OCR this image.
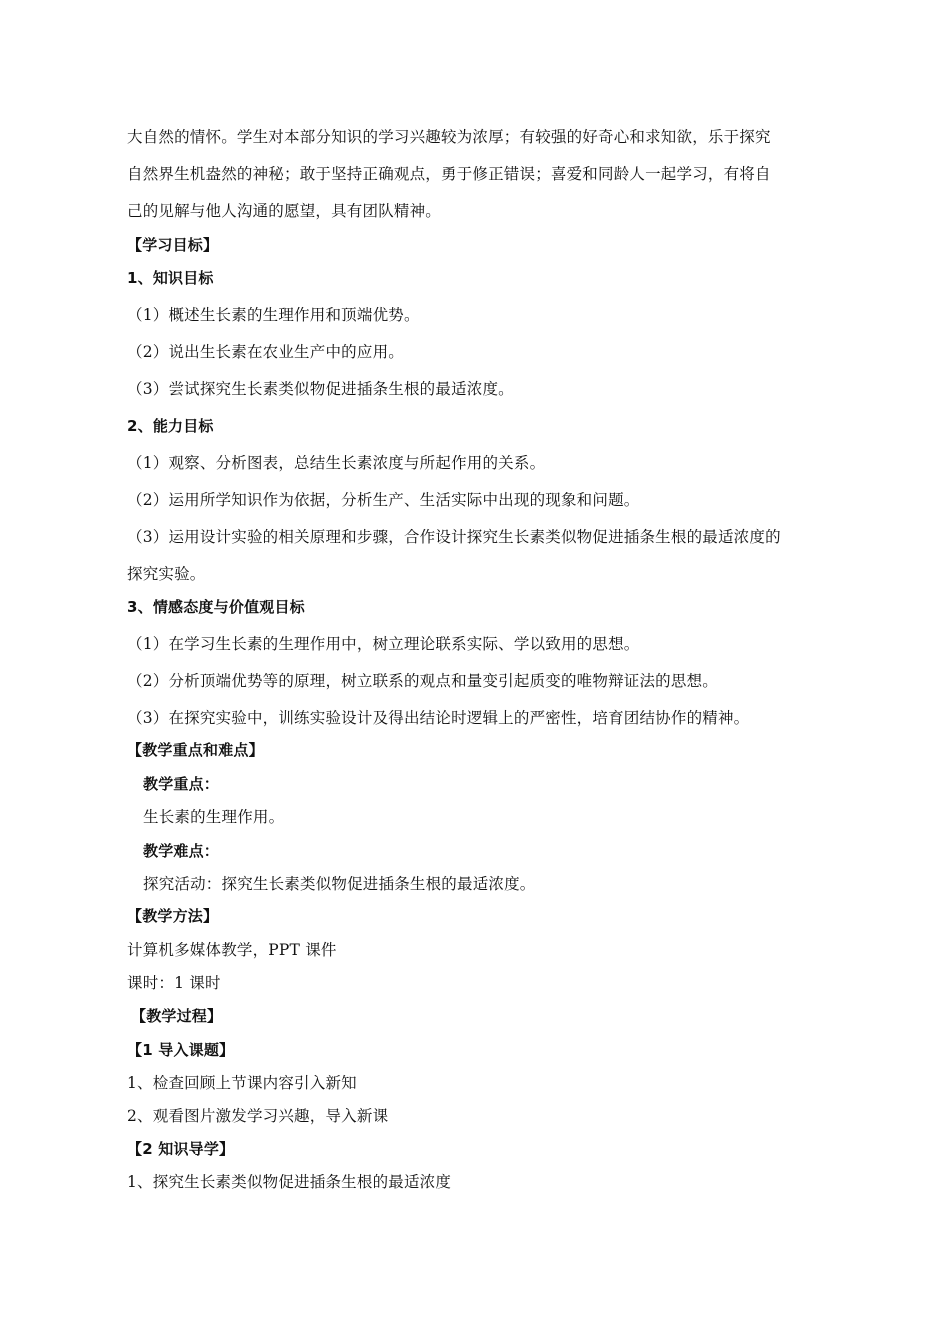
大自然的情怀。学生对本部分知识的学习兴趣较为浓厚；有较强的好奇心和求知欲，乐于探究
自然界生机盎然的神秘；敢于坚持正确观点，勇于修正错误；喜爱和同龄人一起学习，有将自
己的见解与他人沟通的愿望，具有团队精神。
【学习目标】
1、知识目标
（1）概述生长素的生理作用和顶端优势。
（2）说出生长素在农业生产中的应用。
（3）尝试探究生长素类似物促进插条生根的最适浓度。
2、能力目标
（1）观察、分析图表，总结生长素浓度与所起作用的关系。
（2）运用所学知识作为依据，分析生产、生活实际中出现的现象和问题。
（3）运用设计实验的相关原理和步骤，合作设计探究生长素类似物促进插条生根的最适浓度的
探究实验。
3、情感态度与价值观目标
（1）在学习生长素的生理作用中，树立理论联系实际、学以致用的思想。
（2）分析顶端优势等的原理，树立联系的观点和量变引起质变的唯物辩证法的思想。
（3）在探究实验中，训练实验设计及得出结论时逻辑上的严密性，培育团结协作的精神。
【教学重点和难点】
教学重点：
生长素的生理作用。
教学难点：
探究活动：探究生长素类似物促进插条生根的最适浓度。
【教学方法】
计算机多媒体教学，PPT 课件
课时：1 课时
【教学过程】
【1 导入课题】
1、检查回顾上节课内容引入新知
2、观看图片激发学习兴趣，导入新课
【2 知识导学】
1、探究生长素类似物促进插条生根的最适浓度
